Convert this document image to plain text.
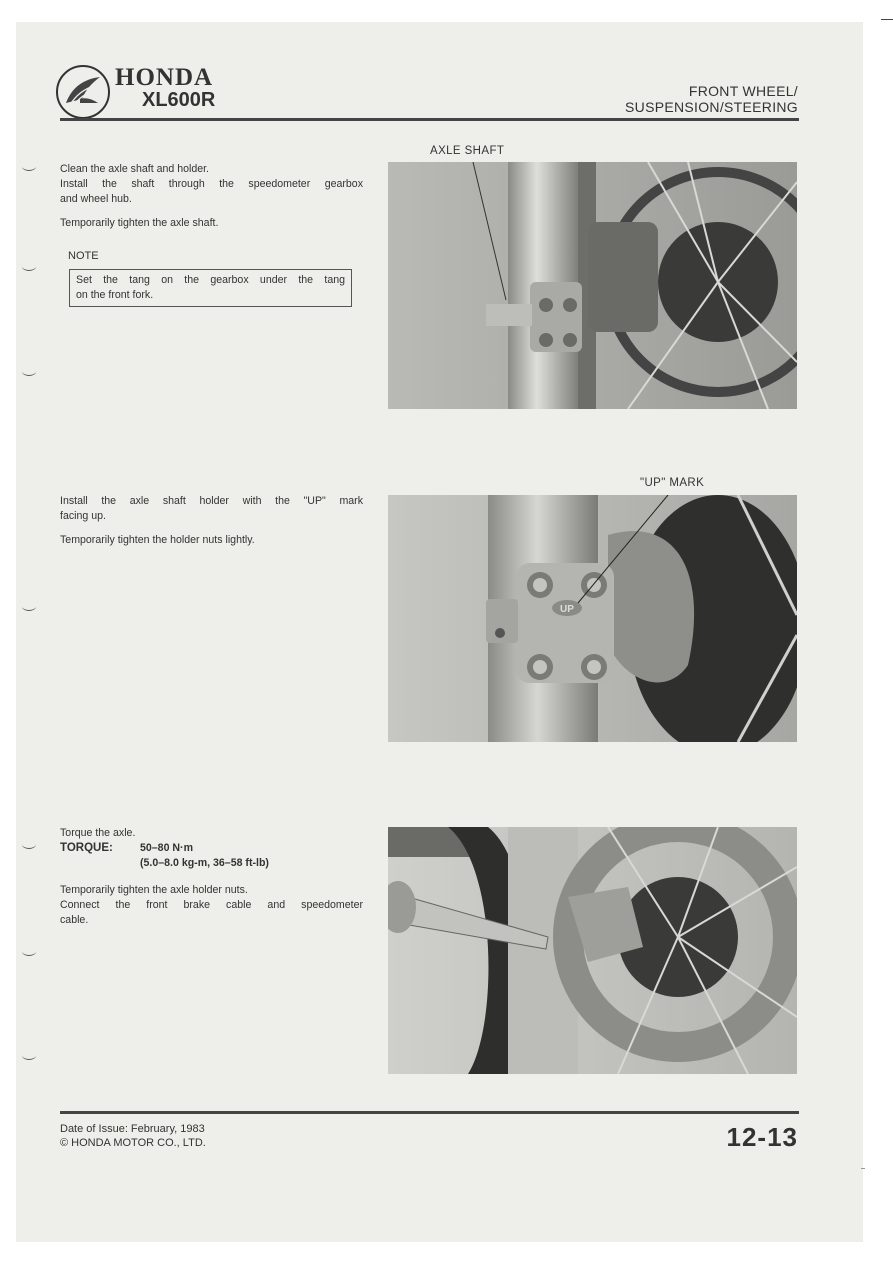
HONDA
XL600R	FRONT WHEEL/
SUSPENSION/STEERING
Clean the axle shaft and holder.
Install the shaft through the speedometer gearbox
and wheel hub.
Temporarily tighten the axle shaft.
NOTE
Set the tang on the gearbox under the tang
on the front fork.
AXLE SHAFT
Install the axle shaft holder with the "UP" mark
facing up.
Temporarily tighten the holder nuts lightly.
"UP" MARK
UP
Torque the axle.
TORQUE:	50–80 N·m
(5.0–8.0 kg-m, 36–58 ft-lb)
Temporarily tighten the axle holder nuts.
Connect the front brake cable and speedometer
cable.
Date of Issue: February, 1983
© HONDA MOTOR CO., LTD.	12-13
